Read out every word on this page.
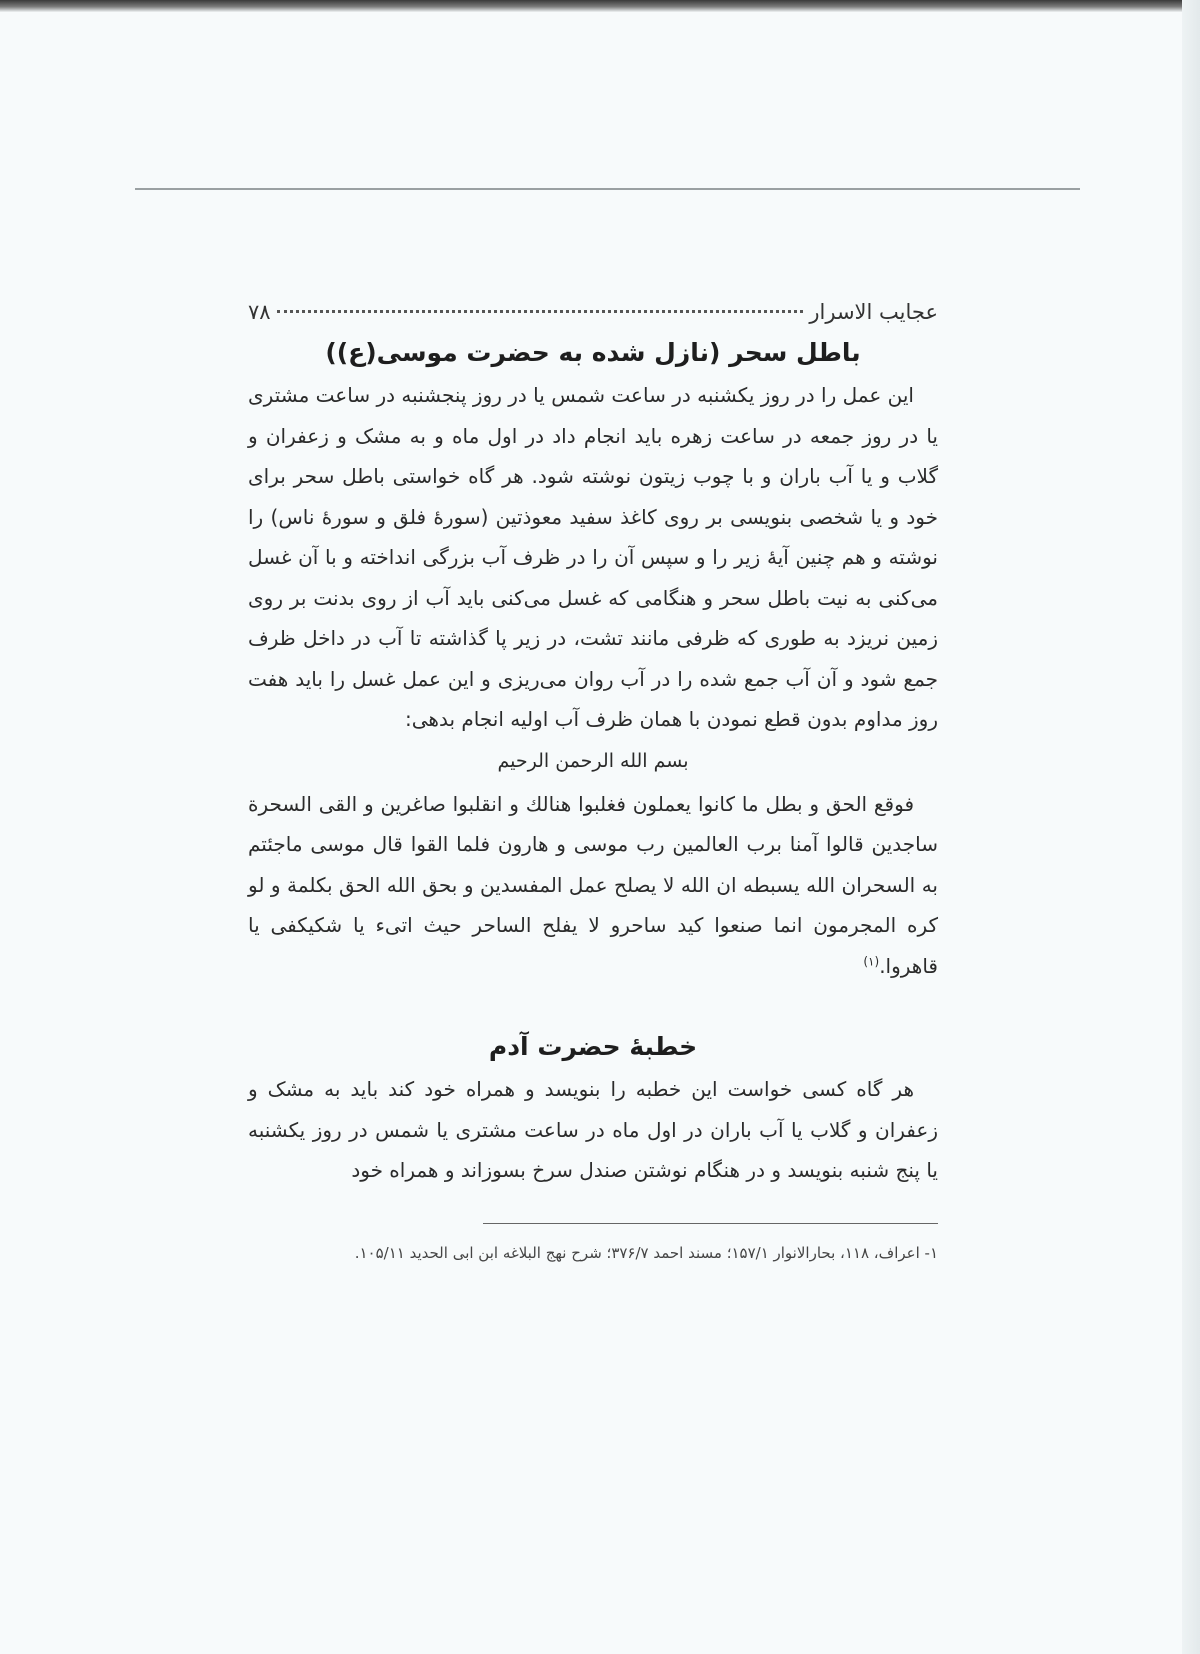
عجایب الاسرار
۷۸
باطل سحر (نازل شده به حضرت موسی(ع))

این عمل را در روز یکشنبه در ساعت شمس یا در روز پنجشنبه در ساعت مشتری یا در روز جمعه در ساعت زهره باید انجام داد در اول ماه و به مشک و زعفران و گلاب و یا آب باران و با چوب زیتون نوشته شود. هر گاه خواستی باطل سحر برای خود و یا شخصی بنویسی بر روی کاغذ سفید معوذتین (سورهٔ فلق و سورهٔ ناس) را نوشته و هم چنین آیهٔ زیر را و سپس آن را در ظرف آب بزرگی انداخته و با آن غسل می‌کنی به نیت باطل سحر و هنگامی که غسل می‌کنی باید آب از روی بدنت بر روی زمین نریزد به طوری که ظرفی مانند تشت، در زیر پا گذاشته تا آب در داخل ظرف جمع شود و آن آب جمع شده را در آب روان می‌ریزی و این عمل غسل را باید هفت روز مداوم بدون قطع نمودن با همان ظرف آب اولیه انجام بدهی:

بسم الله الرحمن الرحیم

فوقع الحق و بطل ما کانوا یعملون فغلبوا هنالك و انقلبوا صاغرین و القی السحرة ساجدین قالوا آمنا برب العالمین رب موسی و هارون فلما القوا قال موسی ماجئتم به السحران الله یسبطه ان الله لا یصلح عمل المفسدین و بحق الله الحق بکلمة و لو کره المجرمون انما صنعوا کید ساحرو لا یفلح الساحر حیث اتیء یا شکیکفی یا قاهروا.$^{(۱)}$

خطبهٔ حضرت آدم

هر گاه کسی خواست این خطبه را بنویسد و همراه خود کند باید به مشک و زعفران و گلاب یا آب باران در اول ماه در ساعت مشتری یا شمس در روز یکشنبه یا پنج شنبه بنویسد و در هنگام نوشتن صندل سرخ بسوزاند و همراه خود

۱- اعراف، ۱۱۸، بحارالانوار ۱۵۷/۱؛ مسند احمد ۳۷۶/۷؛ شرح نهج البلاغه ابن ابی الحدید ۱۰۵/۱۱.
